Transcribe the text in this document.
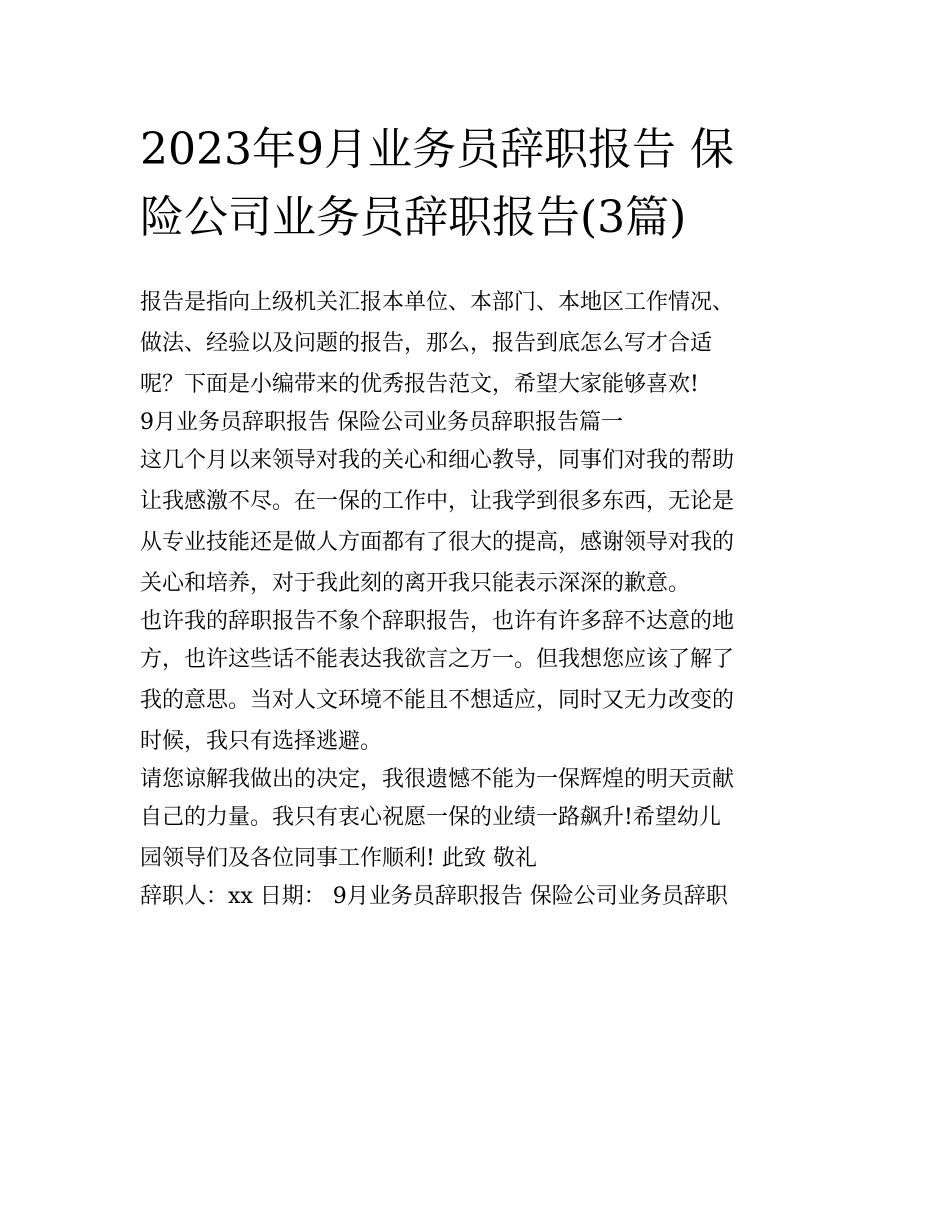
2023年9月业务员辞职报告 保
险公司业务员辞职报告(3篇)
报告是指向上级机关汇报本单位、本部门、本地区工作情况、
做法、经验以及问题的报告，那么，报告到底怎么写才合适
呢？下面是小编带来的优秀报告范文，希望大家能够喜欢!
9月业务员辞职报告 保险公司业务员辞职报告篇一
这几个月以来领导对我的关心和细心教导，同事们对我的帮助
让我感激不尽。在一保的工作中，让我学到很多东西，无论是
从专业技能还是做人方面都有了很大的提高，感谢领导对我的
关心和培养，对于我此刻的离开我只能表示深深的歉意。
也许我的辞职报告不象个辞职报告，也许有许多辞不达意的地
方，也许这些话不能表达我欲言之万一。但我想您应该了解了
我的意思。当对人文环境不能且不想适应，同时又无力改变的
时候，我只有选择逃避。
请您谅解我做出的决定，我很遗憾不能为一保辉煌的明天贡献
自己的力量。我只有衷心祝愿一保的业绩一路飙升!希望幼儿
园领导们及各位同事工作顺利! 此致 敬礼
辞职人：xx 日期： 9月业务员辞职报告 保险公司业务员辞职
